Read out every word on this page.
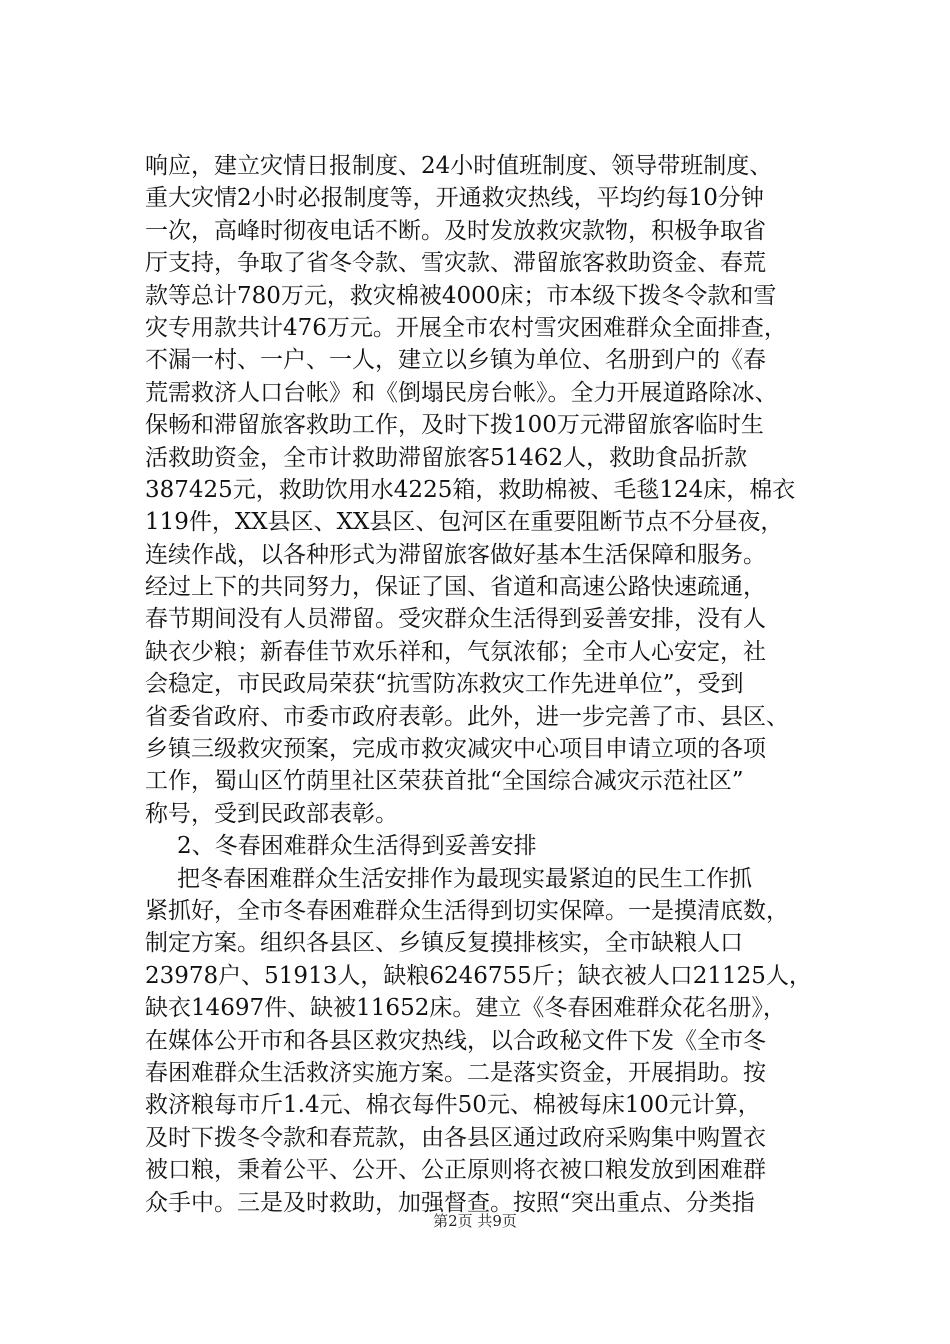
响应，建立灾情日报制度、24小时值班制度、领导带班制度、
重大灾情2小时必报制度等，开通救灾热线，平均约每10分钟
一次，高峰时彻夜电话不断。及时发放救灾款物，积极争取省
厅支持，争取了省冬令款、雪灾款、滞留旅客救助资金、春荒
款等总计780万元，救灾棉被4000床；市本级下拨冬令款和雪
灾专用款共计476万元。开展全市农村雪灾困难群众全面排查，
不漏一村、一户、一人，建立以乡镇为单位、名册到户的《春
荒需救济人口台帐》和《倒塌民房台帐》。全力开展道路除冰、
保畅和滞留旅客救助工作，及时下拨100万元滞留旅客临时生
活救助资金，全市计救助滞留旅客51462人，救助食品折款
387425元，救助饮用水4225箱，救助棉被、毛毯124床，棉衣
119件，XX县区、XX县区、包河区在重要阻断节点不分昼夜，
连续作战，以各种形式为滞留旅客做好基本生活保障和服务。
经过上下的共同努力，保证了国、省道和高速公路快速疏通，
春节期间没有人员滞留。受灾群众生活得到妥善安排，没有人
缺衣少粮；新春佳节欢乐祥和，气氛浓郁；全市人心安定，社
会稳定，市民政局荣获“抗雪防冻救灾工作先进单位”，受到
省委省政府、市委市政府表彰。此外，进一步完善了市、县区、
乡镇三级救灾预案，完成市救灾减灾中心项目申请立项的各项
工作，蜀山区竹荫里社区荣获首批“全国综合减灾示范社区”
称号，受到民政部表彰。
2、冬春困难群众生活得到妥善安排
把冬春困难群众生活安排作为最现实最紧迫的民生工作抓
紧抓好，全市冬春困难群众生活得到切实保障。一是摸清底数，
制定方案。组织各县区、乡镇反复摸排核实，全市缺粮人口
23978户、51913人，缺粮6246755斤；缺衣被人口21125人，
缺衣14697件、缺被11652床。建立《冬春困难群众花名册》，
在媒体公开市和各县区救灾热线，以合政秘文件下发《全市冬
春困难群众生活救济实施方案。二是落实资金，开展捐助。按
救济粮每市斤1.4元、棉衣每件50元、棉被每床100元计算，
及时下拨冬令款和春荒款，由各县区通过政府采购集中购置衣
被口粮，秉着公平、公开、公正原则将衣被口粮发放到困难群
众手中。三是及时救助，加强督查。按照“突出重点、分类指
第2页 共9页
